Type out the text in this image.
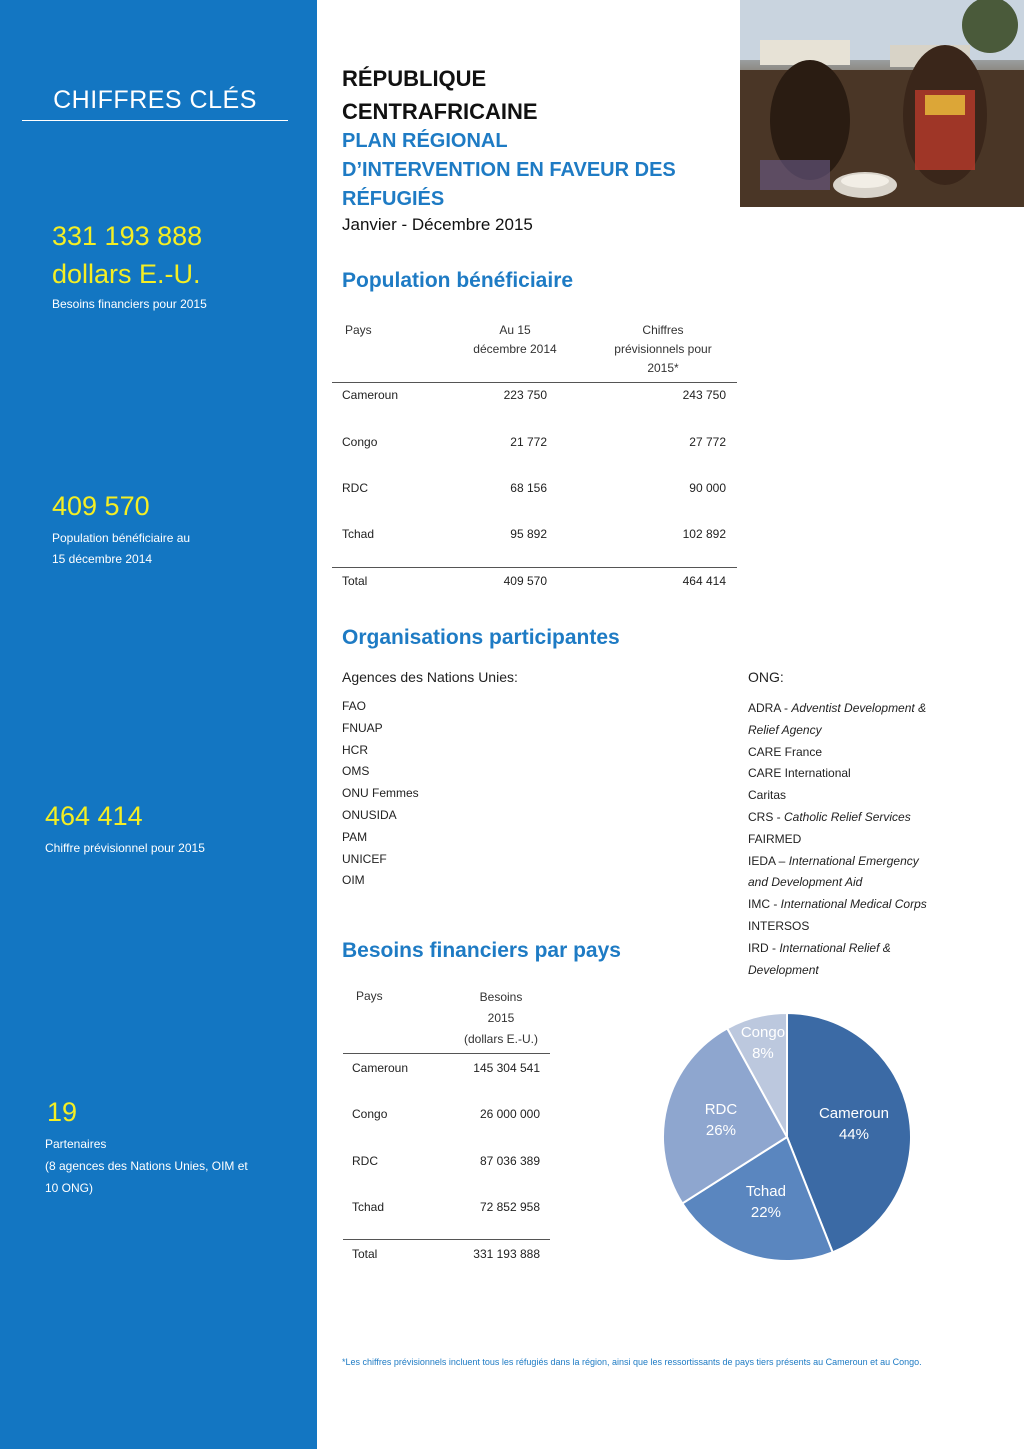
CHIFFRES CLÉS
331 193 888
dollars E.-U.
Besoins financiers pour 2015
409 570
Population bénéficiaire au
15 décembre 2014
464 414
Chiffre prévisionnel pour 2015
19
Partenaires
(8 agences des Nations Unies, OIM et
10 ONG)
RÉPUBLIQUE
CENTRAFRICAINE
PLAN RÉGIONAL
D’INTERVENTION EN FAVEUR DES
RÉFUGIÉS
Janvier - Décembre 2015
Population bénéficiaire
Pays	Au 15
décembre 2014
Chiffres
prévisionnels pour
2015*
Cameroun	223 750	243 750
Congo	21 772	27 772
RDC	68 156	90 000
Tchad	95 892	102 892
Total	409 570	464 414
Organisations participantes
Agences des Nations Unies:
FAO
FNUAP
HCR
OMS
ONU Femmes
ONUSIDA
PAM
UNICEF
OIM
ONG:
ADRA - Adventist Development &
Relief Agency
CARE France
CARE International
Caritas
CRS - Catholic Relief Services
FAIRMED
IEDA – International Emergency
and Development Aid
IMC - International Medical Corps
INTERSOS
IRD - International Relief &
Development
Besoins financiers par pays
Pays	Besoins
2015
(dollars E.-U.)
Cameroun	145 304 541
Congo	26 000 000
RDC	87 036 389
Tchad	72 852 958
Total	331 193 888
Cameroun
44%
Tchad
22%
RDC
26%
Congo
8%
*Les chiffres prévisionnels incluent tous les réfugiés dans la région, ainsi que les ressortissants de pays tiers présents au Cameroun et au Congo.
